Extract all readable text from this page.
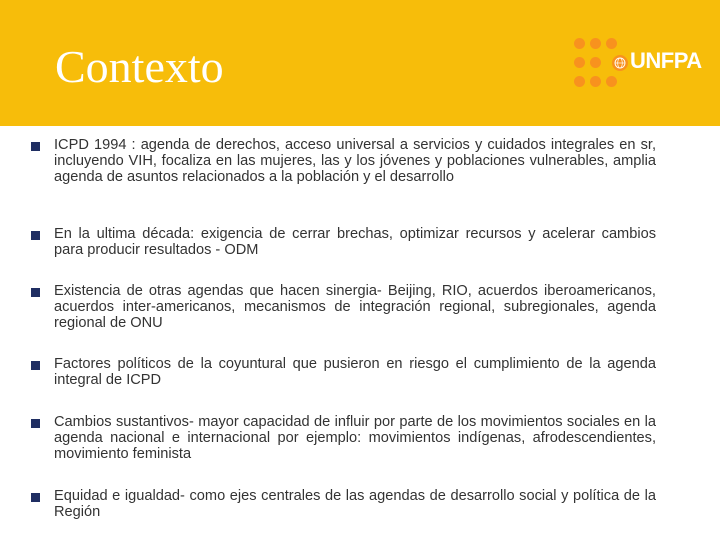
Contexto	UNFPA
ICPD 1994 : agenda de derechos, acceso universal a servicios y cuidados integrales en sr, incluyendo VIH, focaliza en las mujeres, las y los jóvenes y poblaciones vulnerables, amplia agenda de asuntos relacionados a la población y el desarrollo
En la ultima década: exigencia de cerrar brechas, optimizar recursos y acelerar cambios para producir resultados - ODM
Existencia de otras agendas que hacen sinergia- Beijing, RIO, acuerdos iberoamericanos, acuerdos inter-americanos, mecanismos de integración regional, subregionales, agenda regional de ONU
Factores políticos de la coyuntural que pusieron en riesgo el cumplimiento de la agenda integral de ICPD
Cambios sustantivos- mayor capacidad de influir por parte de los movimientos sociales en la agenda nacional e internacional por ejemplo: movimientos indígenas, afrodescendientes, movimiento feminista
Equidad e igualdad- como ejes centrales de las agendas de desarrollo social y política de la Región
